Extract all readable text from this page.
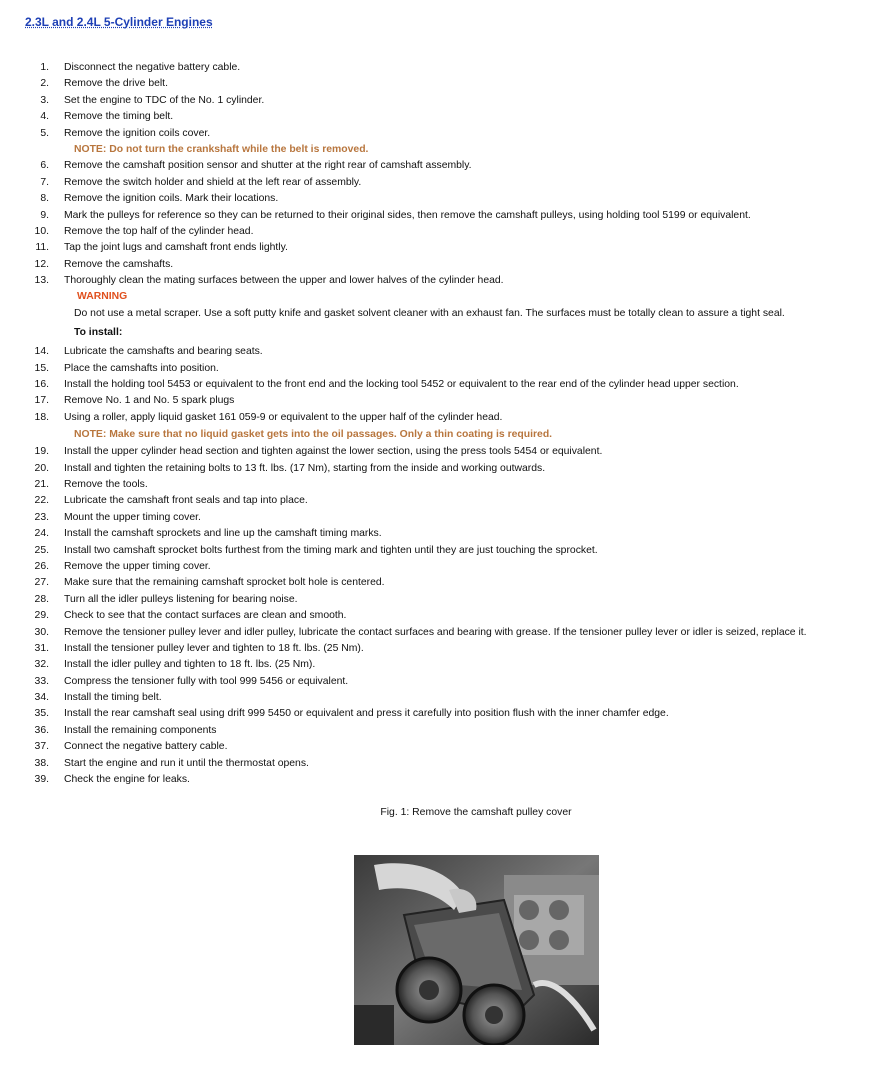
2.3L and 2.4L 5-Cylinder Engines
1. Disconnect the negative battery cable.
2. Remove the drive belt.
3. Set the engine to TDC of the No. 1 cylinder.
4. Remove the timing belt.
5. Remove the ignition coils cover.
NOTE: Do not turn the crankshaft while the belt is removed.
6. Remove the camshaft position sensor and shutter at the right rear of camshaft assembly.
7. Remove the switch holder and shield at the left rear of assembly.
8. Remove the ignition coils. Mark their locations.
9. Mark the pulleys for reference so they can be returned to their original sides, then remove the camshaft pulleys, using holding tool 5199 or equivalent.
10. Remove the top half of the cylinder head.
11. Tap the joint lugs and camshaft front ends lightly.
12. Remove the camshafts.
13. Thoroughly clean the mating surfaces between the upper and lower halves of the cylinder head.
WARNING
Do not use a metal scraper. Use a soft putty knife and gasket solvent cleaner with an exhaust fan. The surfaces must be totally clean to assure a tight seal.
To install:
14. Lubricate the camshafts and bearing seats.
15. Place the camshafts into position.
16. Install the holding tool 5453 or equivalent to the front end and the locking tool 5452 or equivalent to the rear end of the cylinder head upper section.
17. Remove No. 1 and No. 5 spark plugs
18. Using a roller, apply liquid gasket 161 059-9 or equivalent to the upper half of the cylinder head.
NOTE: Make sure that no liquid gasket gets into the oil passages. Only a thin coating is required.
19. Install the upper cylinder head section and tighten against the lower section, using the press tools 5454 or equivalent.
20. Install and tighten the retaining bolts to 13 ft. lbs. (17 Nm), starting from the inside and working outwards.
21. Remove the tools.
22. Lubricate the camshaft front seals and tap into place.
23. Mount the upper timing cover.
24. Install the camshaft sprockets and line up the camshaft timing marks.
25. Install two camshaft sprocket bolts furthest from the timing mark and tighten until they are just touching the sprocket.
26. Remove the upper timing cover.
27. Make sure that the remaining camshaft sprocket bolt hole is centered.
28. Turn all the idler pulleys listening for bearing noise.
29. Check to see that the contact surfaces are clean and smooth.
30. Remove the tensioner pulley lever and idler pulley, lubricate the contact surfaces and bearing with grease. If the tensioner pulley lever or idler is seized, replace it.
31. Install the tensioner pulley lever and tighten to 18 ft. lbs. (25 Nm).
32. Install the idler pulley and tighten to 18 ft. lbs. (25 Nm).
33. Compress the tensioner fully with tool 999 5456 or equivalent.
34. Install the timing belt.
35. Install the rear camshaft seal using drift 999 5450 or equivalent and press it carefully into position flush with the inner chamfer edge.
36. Install the remaining components
37. Connect the negative battery cable.
38. Start the engine and run it until the thermostat opens.
39. Check the engine for leaks.
Fig. 1: Remove the camshaft pulley cover
